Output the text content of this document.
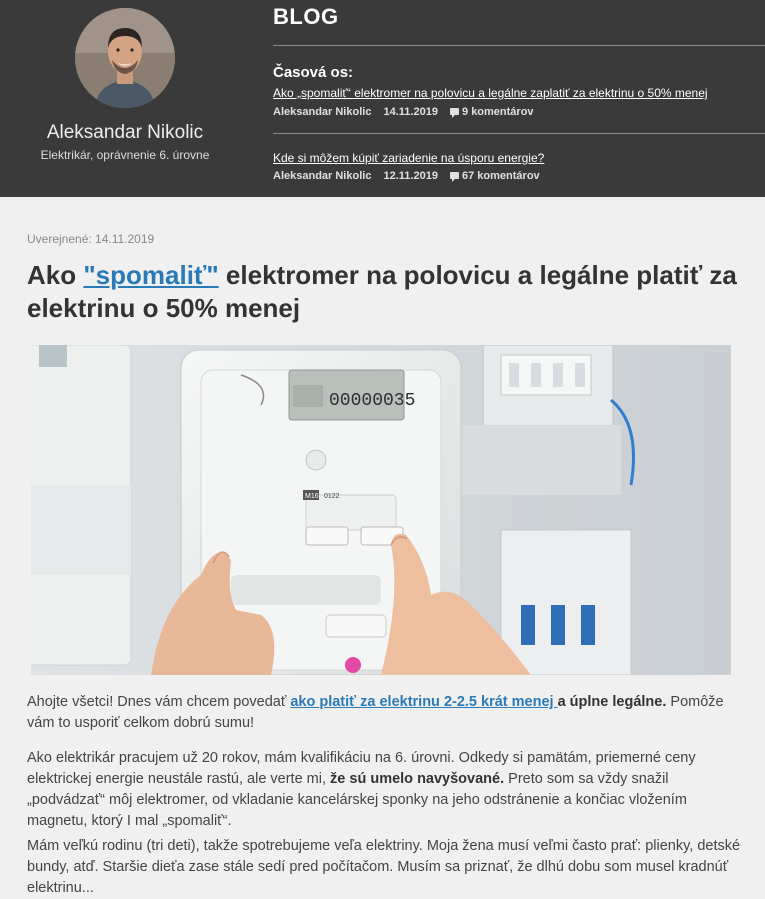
Aleksandar Nikolic
Elektrikár, oprávnenie 6. úrovne
BLOG
Časová os:
Ako „spomaliť“ elektromer na polovicu a legálne zaplatiť za elektrinu o 50% menej
Aleksandar Nikolic 14.11.2019 9 komentárov
Kde si môžem kúpiť zariadenie na úsporu energie?
Aleksandar Nikolic 12.11.2019 67 komentárov
Uverejnené: 14.11.2019
Ako "spomaliť" elektromer na polovicu a legálne platiť za elektrinu o 50% menej
00000035
M16 0122

Ahojte všetci! Dnes vám chcem povedať ako platiť za elektrinu 2-2.5 krát menej a úplne legálne. Pomôže vám to usporiť celkom dobrú sumu!

Ako elektrikár pracujem už 20 rokov, mám kvalifikáciu na 6. úrovni. Odkedy si pamätám, priemerné ceny elektrickej energie neustále rastú, ale verte mi, že sú umelo navyšované. Preto som sa vždy snažil „podvádzať“ môj elektromer, od vkladanie kancelárskej sponky na jeho odstránenie a končiac vložením magnetu, ktorý I mal „spomaliť“.

Mám veľkú rodinu (tri deti), takže spotrebujeme veľa elektriny. Moja žena musí veľmi často prať: plienky, detské bundy, atď. Staršie dieťa zase stále sedí pred počítačom. Musím sa priznať, že dlhú dobu som musel kradnúť elektrinu...
